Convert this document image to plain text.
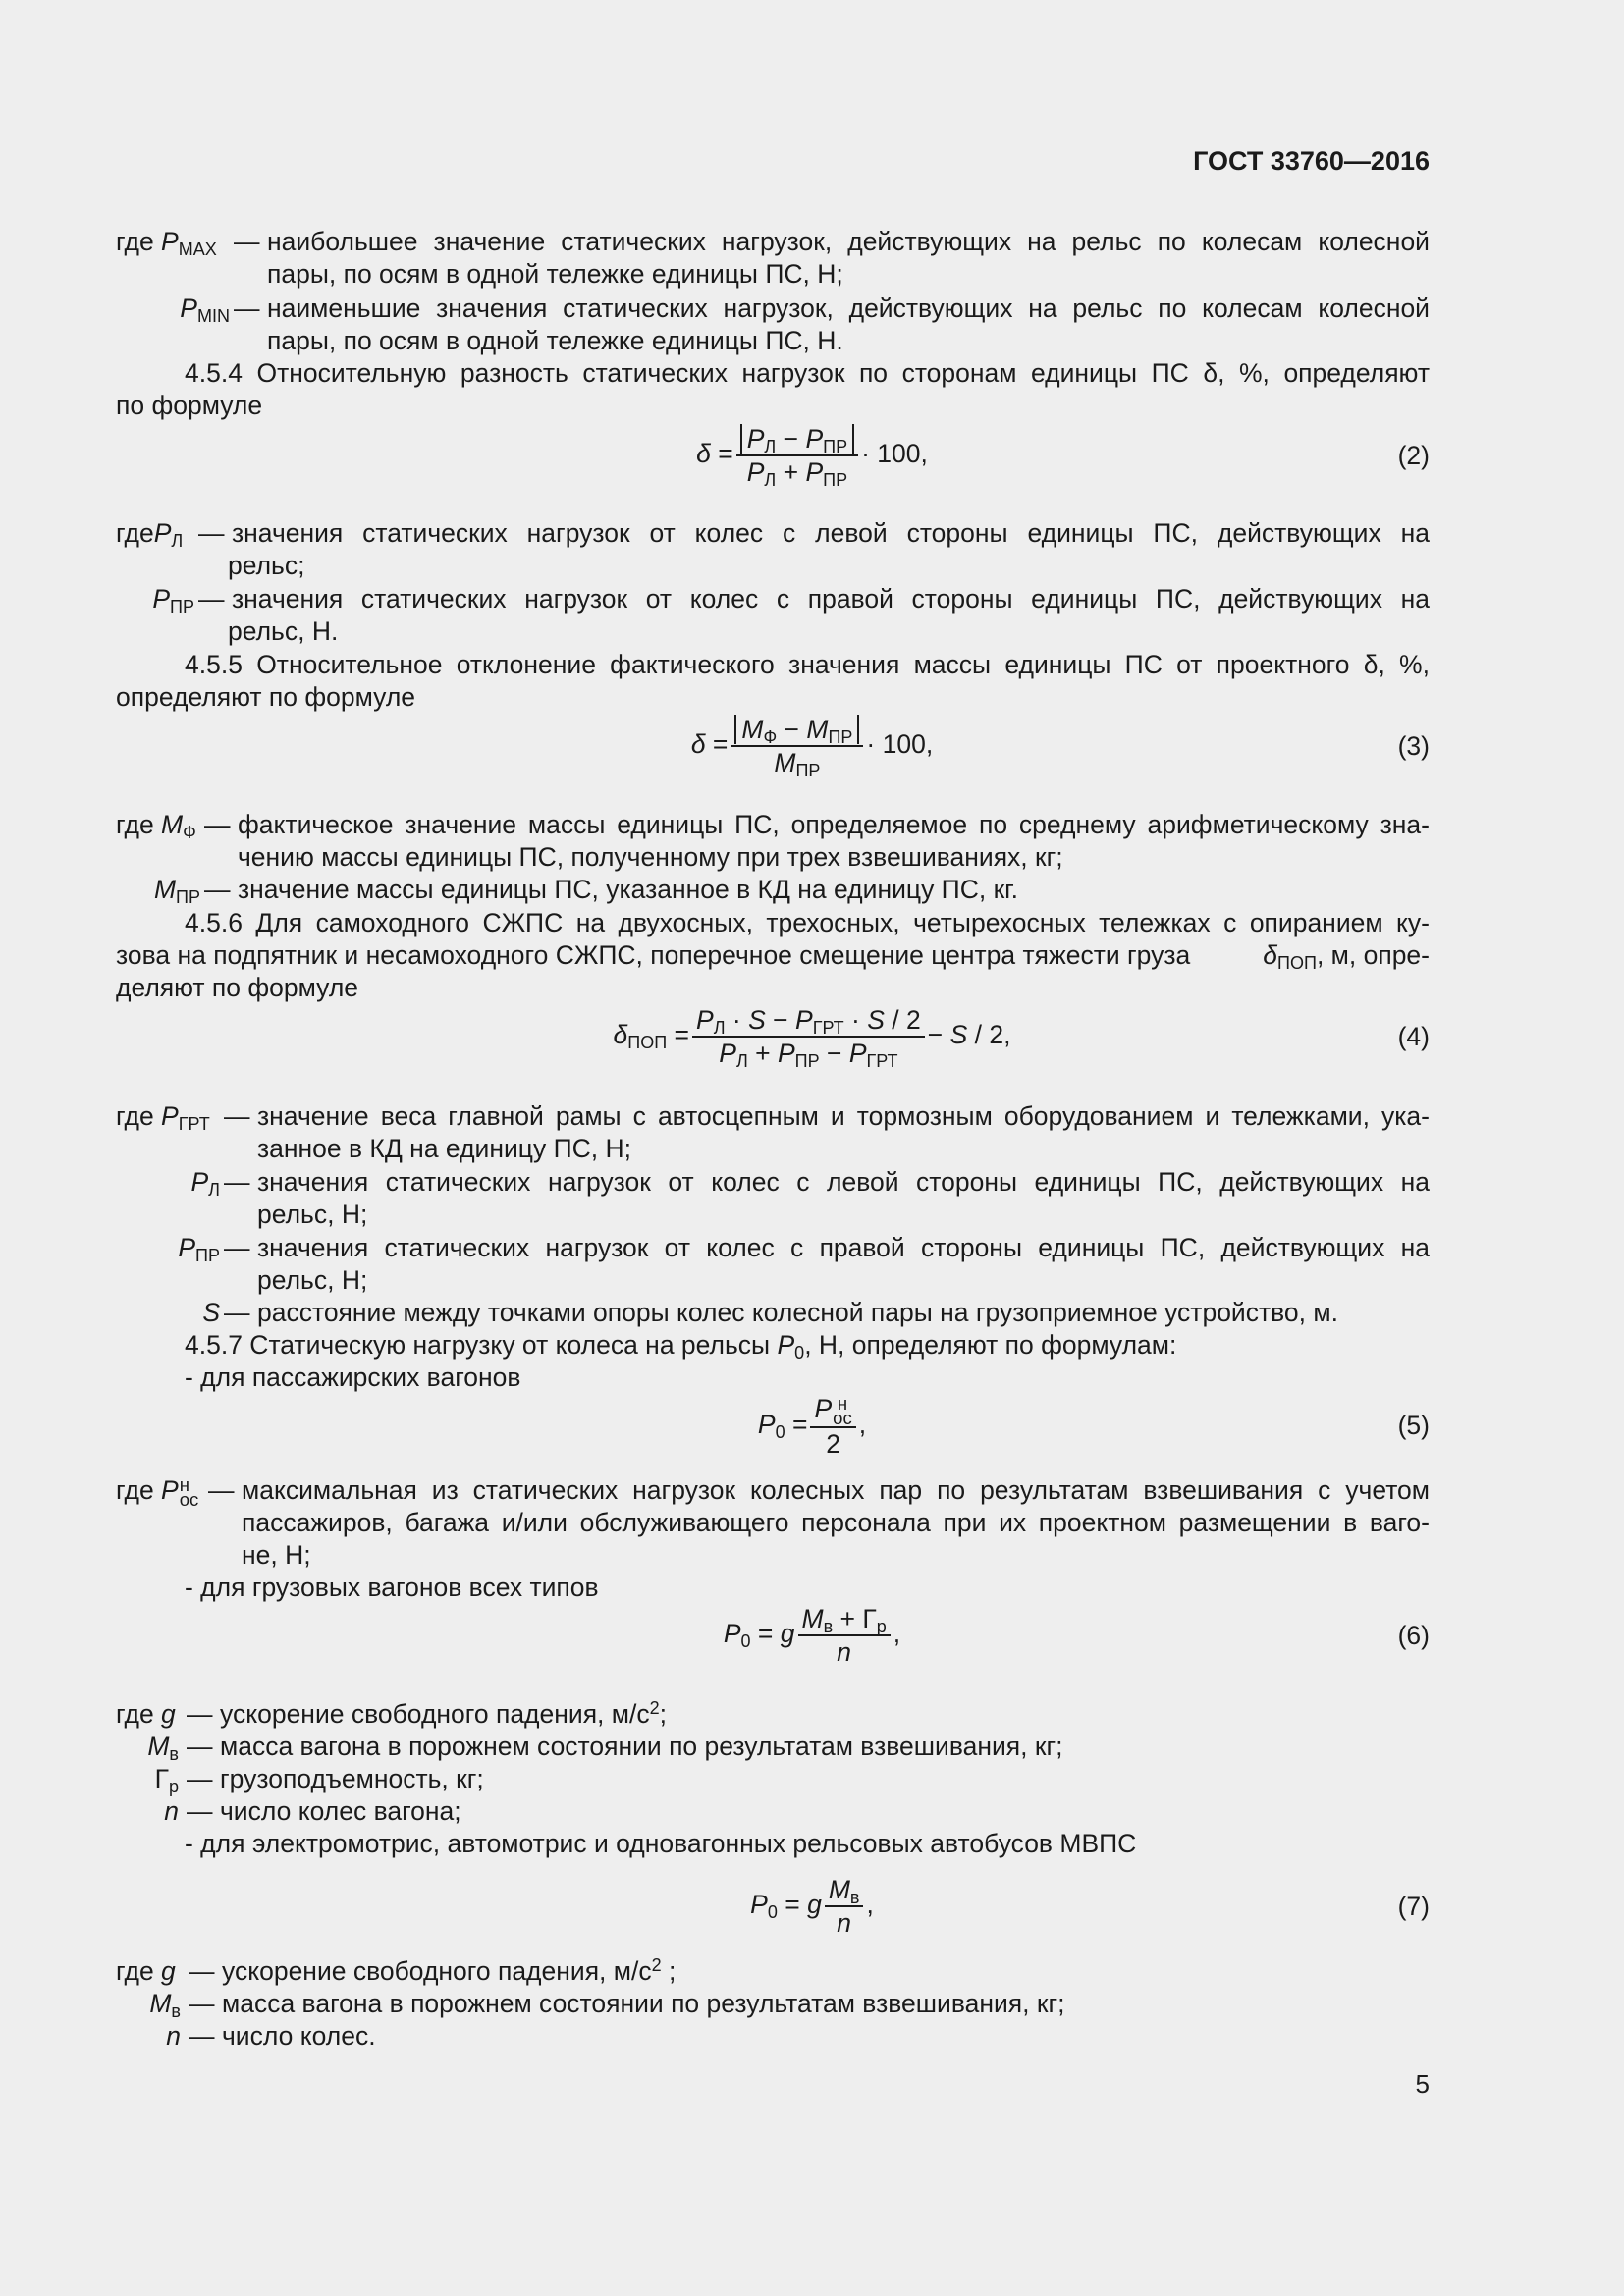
ГОСТ 33760—2016
где $P_{MAX}$ — наибольшее значение статических нагрузок, действующих на рельс по колесам колесной
пары, по осям в одной тележке единицы ПС, Н;
$P_{MIN}$ — наименьшие значения статических нагрузок, действующих на рельс по колесам колесной
пары, по осям в одной тележке единицы ПС, Н.
4.5.4 Относительную разность статических нагрузок по сторонам единицы ПС δ, %, определяют
по формуле
$\delta = \frac{P_Л - P_{ПР}}{P_Л + P_{ПР}} \cdot 100$,	(2)
гдеP$_Л$ — значения статических нагрузок от колес с левой стороны единицы ПС, действующих на
рельс;
$P_{ПР}$ — значения статических нагрузок от колес с правой стороны единицы ПС, действующих на
рельс, Н.
4.5.5 Относительное отклонение фактического значения массы единицы ПС от проектного δ, %,
определяют по формуле
$\delta = \frac{M_Ф - M_{ПР}}{M_{ПР}} \cdot 100$,	(3)
где $M_Ф$ — фактическое значение массы единицы ПС, определяемое по среднему арифметическому зна-
чению массы единицы ПС, полученному при трех взвешиваниях, кг;
$M_{ПР}$ — значение массы единицы ПС, указанное в КД на единицу ПС, кг.
4.5.6 Для самоходного СЖПС на двухосных, трехосных, четырехосных тележках с опиранием ку-
зова на подпятник и несамоходного СЖПС, поперечное смещение центра тяжести груза	$\delta_{ПОП}$, м, опре-
деляют по формуле
$\delta_{ПОП} = \frac{P_Л \cdot S - P_{ГРТ} \cdot S / 2}{P_Л + P_{ПР} - P_{ГРТ}} - S / 2$,	(4)
где $P_{ГРТ}$ — значение веса главной рамы с автосцепным и тормозным оборудованием и тележками, ука-
занное в КД на единицу ПС, Н;
$P_Л$ — значения статических нагрузок от колес с левой стороны единицы ПС, действующих на
рельс, Н;
$P_{ПР}$ — значения статических нагрузок от колес с правой стороны единицы ПС, действующих на
рельс, Н;
S — расстояние между точками опоры колес колесной пары на грузоприемное устройство, м.
4.5.7 Статическую нагрузку от колеса на рельсы $P_0$, Н, определяют по формулам:
- для пассажирских вагонов
$P_0 = P$ н
ос
2 ,	(5)
где P н
ос — максимальная из статических нагрузок колесных пар по результатам взвешивания с учетом
пассажиров, багажа и/или обслуживающего персонала при их проектном размещении в ваго-
не, Н;
- для грузовых вагонов всех типов
$P_0 = g \frac{M_в + Г_р}{n}$ ,	(6)
где g — ускорение свободного падения, $м/с^2$;
$M_в$ — масса вагона в порожнем состоянии по результатам взвешивания, кг;
$Г_р$ — грузоподъемность, кг;
n — число колес вагона;
- для электромотрис, автомотрис и одновагонных рельсовых автобусов МВПС
$P_0 = g \frac{M_в}{n}$ ,	(7)
где g — ускорение свободного падения, $м/с^2$ ;
$M_в$ — масса вагона в порожнем состоянии по результатам взвешивания, кг;
n — число колес.
5
